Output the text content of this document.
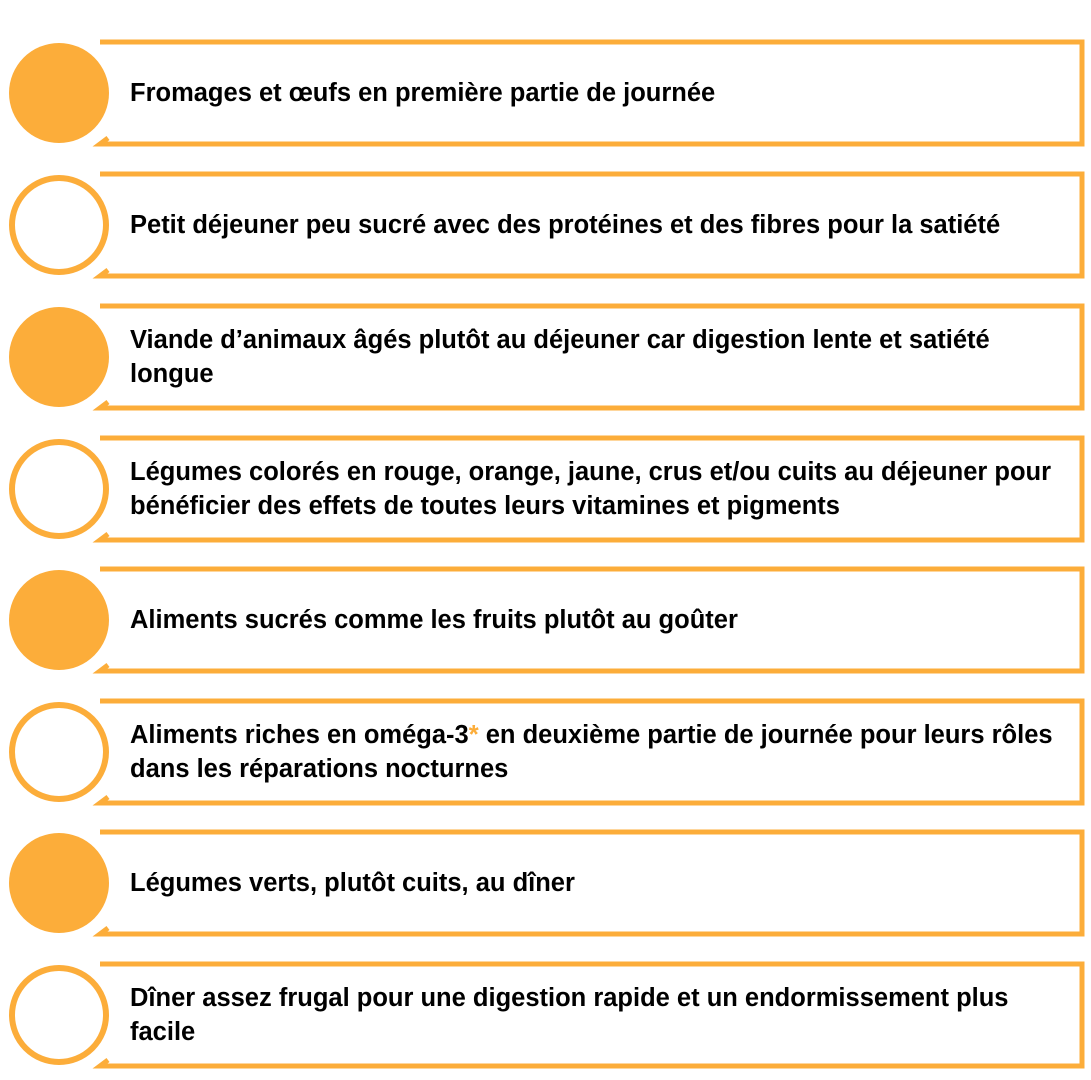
Fromages et œufs en première partie de journée
Petit déjeuner peu sucré avec des protéines et des fibres pour la satiété
Viande d’animaux âgés plutôt au déjeuner car digestion lente et satiété longue
Légumes colorés en rouge, orange, jaune, crus et/ou cuits au déjeuner pour bénéficier des effets de toutes leurs vitamines et pigments
Aliments sucrés comme les fruits plutôt au goûter
Aliments riches en oméga-3* en deuxième partie de journée pour leurs rôles dans les réparations nocturnes
Légumes verts, plutôt cuits, au dîner
Dîner assez frugal pour une digestion rapide et un endormissement plus facile
